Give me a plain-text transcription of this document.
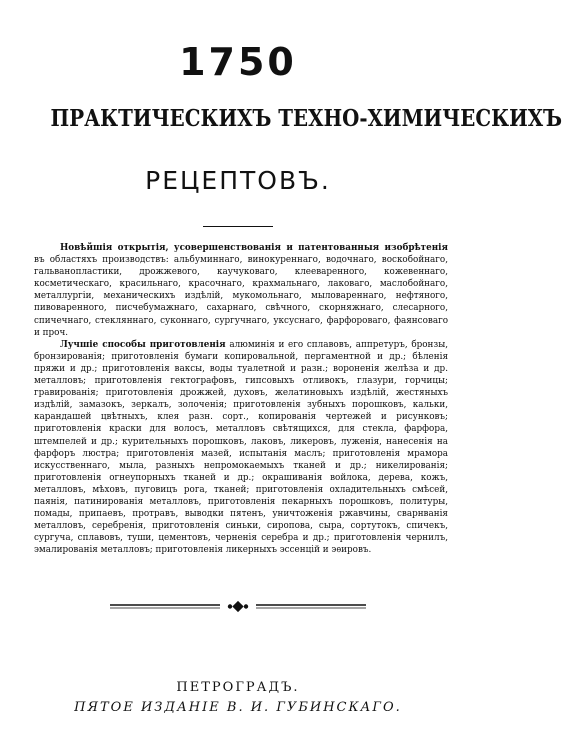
1750
ПРАКТИЧЕСКИХЪ ТЕХНО-ХИМИЧЕСКИХЪ
РЕЦЕПТОВЪ.

Новѣйшія открытія, усовершенствованія и патентованныя изобрѣтенія въ областяхъ производствъ: альбуминнаго, винокуреннаго, водочнаго, воскобойнаго, гальванопластики, дрожжевого, каучуковаго, клееваренного, кожевеннаго, косметическаго, красильнаго, красочнаго, крахмальнаго, лаковаго, маслобойнаго, металлургіи, механическихъ издѣлій, мукомольнаго, мыловареннаго, нефтяного, пивоваренного, писчебумажнаго, сахарнаго, свѣчного, скорняжнаго, слесарного, спичечнаго, стекляннаго, суконнаго, сургучнаго, уксуснаго, фарфороваго, фаянсоваго и проч.

Лучшіе способы приготовленія алюминія и его сплавовъ, аппретуръ, бронзы, бронзированія; приготовленія бумаги копировальной, пергаментной и др.; бѣленія пряжи и др.; приготовленія ваксы, воды туалетной и разн.; вороненія желѣза и др. металловъ; приготовленія гектографовъ, гипсовыхъ отливокъ, глазури, горчицы; гравированія; приготовленія дрожжей, духовъ, желатиновыхъ издѣлій, жестяныхъ издѣлій, замазокъ, зеркалъ, золоченія; приготовленія зубныхъ порошковъ, кальки, карандашей цвѣтныхъ, клея разн. сорт., копированія чертежей и рисунковъ; приготовленія краски для волосъ, металловъ свѣтящихся, для стекла, фарфора, штемпелей и др.; курительныхъ порошковъ, лаковъ, ликеровъ, луженія, нанесенія на фарфоръ люстра; приготовленія мазей, испытанія маслъ; приготовленія мрамора искусственнаго, мыла, разныхъ непромокаемыхъ тканей и др.; никелированія; приготовленія огнеупорныхъ тканей и др.; окрашиванія войлока, дерева, кожъ, металловъ, мѣховъ, пуговицъ рога, тканей; приготовленія охладительныхъ смѣсей, паянія, патинированія металловъ, приготовленія пекарныхъ порошковъ, политуры, помады, припаевъ, протравъ, выводки пятенъ, уничтоженія ржавчины, сварнванія металловъ, серебренія, приготовленія синьки, сиропова, сыра, сортутокъ, спичекъ, сургуча, сплавовъ, туши, цементовъ, черненія серебра и др.; приготовленія чернилъ, эмалированія металловъ; приготовленія ликерныхъ эссенцій и эѳировъ.

ПЕТРОГРАДЪ.
ПЯТОЕ ИЗДАНІЕ В. И. ГУБИНСКАГО.
